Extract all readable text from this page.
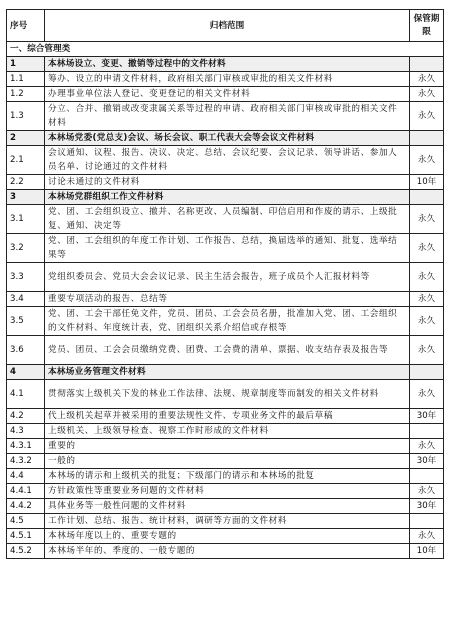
序号	归档范围	保管期限
一、综合管理类		
1	本林场设立、变更、撤销等过程中的文件材料	
1.1	筹办、设立的申请文件材料，政府相关部门审核或审批的相关文件材料	永久
1.2	办理事业单位法人登记、变更登记的相关文件材料	永久
1.3	分立、合并、撤销或改变隶属关系等过程的申请、政府相关部门审核或审批的相关文件材料	永久
2	本林场党委(党总支)会议、场长会议、职工代表大会等会议文件材料	
2.1	会议通知、议程、报告、决议、决定、总结、会议纪要、会议记录、领导讲话、参加人员名单、讨论通过的文件材料	永久
2.2	讨论未通过的文件材料	10年
3	本林场党群组织工作文件材料	
3.1	党、团、工会组织设立、撤并、名称更改、人员编制、印信启用和作废的请示、上级批复、通知、决定等	永久
3.2	党、团、工会组织的年度工作计划、工作报告、总结，换届选举的通知、批复、选举结果等	永久
3.3	党组织委员会、党员大会会议记录、民主生活会报告，班子成员个人汇报材料等	永久
3.4	重要专项活动的报告、总结等	永久
3.5	党、团、工会干部任免文件，党员、团员、工会会员名册，批准加入党、团、工会组织的文件材料、年度统计表，党、团组织关系介绍信或存根等	永久
3.6	党员、团员、工会会员缴纳党费、团费、工会费的清单、票据、收支结存表及报告等	永久
4	本林场业务管理文件材料	
4.1	贯彻落实上级机关下发的林业工作法律、法规、规章制度等而制发的相关文件材料	永久
4.2	代上级机关起草并被采用的重要法规性文件、专项业务文件的最后草稿	30年
4.3	上级机关、上级领导检查、视察工作时形成的文件材料	
4.3.1	重要的	永久
4.3.2	一般的	30年
4.4	本林场的请示和上级机关的批复；下级部门的请示和本林场的批复	
4.4.1	方针政策性等重要业务问题的文件材料	永久
4.4.2	具体业务等一般性问题的文件材料	30年
4.5	工作计划、总结、报告、统计材料，调研等方面的文件材料	
4.5.1	本林场年度以上的、重要专题的	永久
4.5.2	本林场半年的、季度的、一般专题的	10年
